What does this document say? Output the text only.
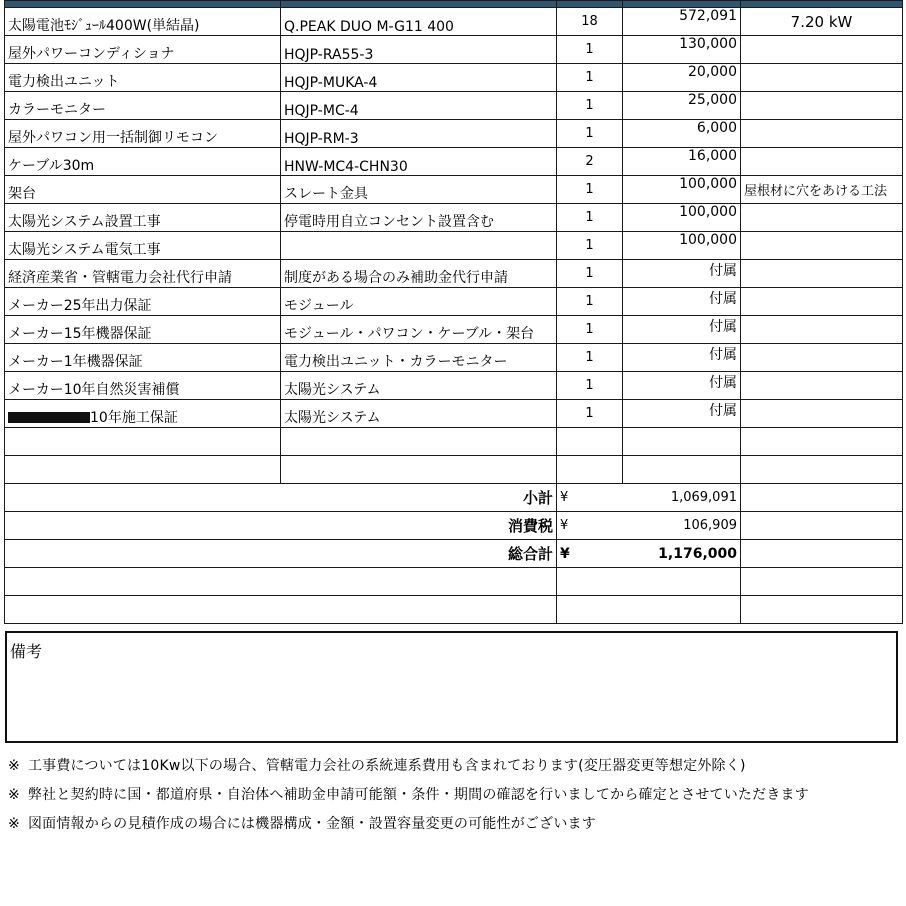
太陽電池ﾓｼﾞｭｰﾙ400W(単結晶)	Q.PEAK DUO M-G11 400	18	572,091	7.20 kW
屋外パワーコンディショナ	HQJP-RA55-3	1	130,000	
電力検出ユニット	HQJP-MUKA-4	1	20,000	
カラーモニター	HQJP-MC-4	1	25,000	
屋外パワコン用一括制御リモコン	HQJP-RM-3	1	6,000	
ケーブル30m	HNW-MC4-CHN30	2	16,000	
架台	スレート金具	1	100,000	屋根材に穴をあける工法
太陽光システム設置工事	停電時用自立コンセント設置含む	1	100,000	
太陽光システム電気工事		1	100,000	
経済産業省・管轄電力会社代行申請	制度がある場合のみ補助金代行申請	1	付属	
メーカー25年出力保証	モジュール	1	付属	
メーカー15年機器保証	モジュール・パワコン・ケーブル・架台	1	付属	
メーカー1年機器保証	電力検出ユニット・カラーモニター	1	付属	
メーカー10年自然災害補償	太陽光システム	1	付属	
10年施工保証	太陽光システム	1	付属	

小計		¥	1,069,091	
消費税		¥	106,909	
総合計		¥	1,176,000	

備考
※ 工事費については10Kw以下の場合、管轄電力会社の系統連系費用も含まれております(変圧器変更等想定外除く)
※ 弊社と契約時に国・都道府県・自治体へ補助金申請可能額・条件・期間の確認を行いましてから確定とさせていただきます
※ 図面情報からの見積作成の場合には機器構成・金額・設置容量変更の可能性がございます
